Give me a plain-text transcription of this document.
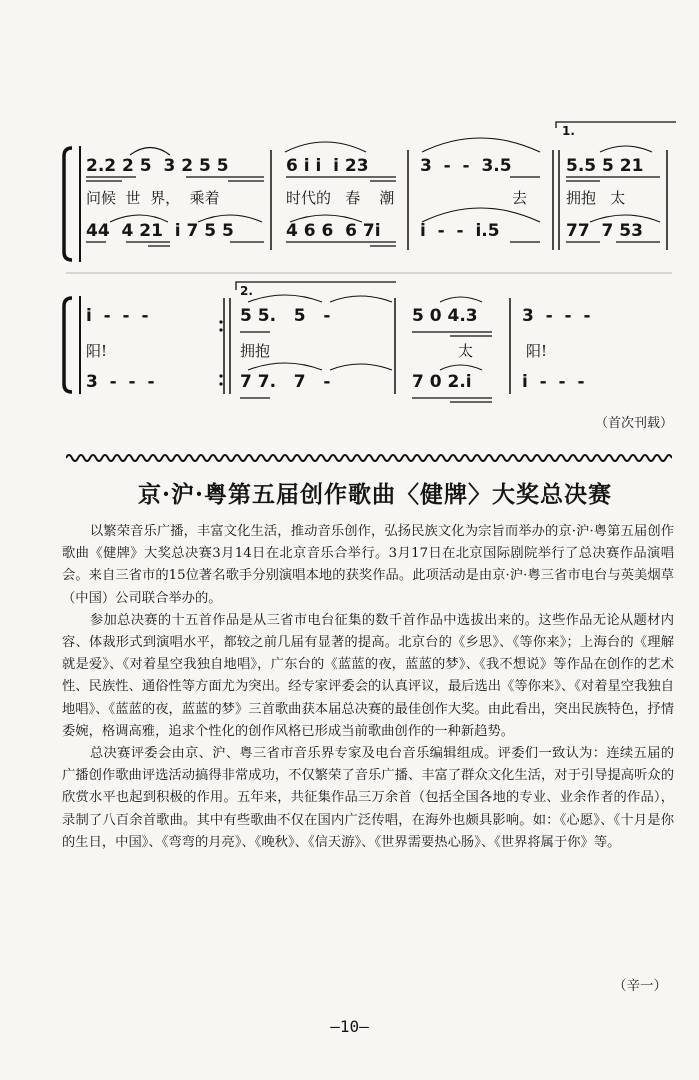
1.
2.
2.2 2 5  3 2 5 5	6 i i  i 23	3  -  -  3.5	5.5 5 21
问候  世  界，  乘着	时代的   春    潮	去	拥抱   太
44  4 21  i 7 5 5	4 6 6  6 7i i  -  -  i.5	77  7 53
i  -  -  -	5 5.   5   -	5 0 4.3	3  -  -  -
阳!	拥抱	太	阳!
3  -  -  -	7 7.   7   -	7 0 2.i	i  -  -  -
（首次刊载）
京·沪·粤第五届创作歌曲〈健牌〉大奖总决赛

以繁荣音乐广播，丰富文化生活，推动音乐创作，弘扬民族文化为宗旨而举办的京·沪·粤第五届创作歌曲《健牌》大奖总决赛3月14日在北京音乐合举行。3月17日在北京国际剧院举行了总决赛作品演唱会。来自三省市的15位著名歌手分别演唱本地的获奖作品。此项活动是由京·沪·粤三省市电台与英美烟草（中国）公司联合举办的。

参加总决赛的十五首作品是从三省市电台征集的数千首作品中选拔出来的。这些作品无论从题材内容、体裁形式到演唱水平，都较之前几届有显著的提高。北京台的《乡思》、《等你来》；上海台的《理解就是爱》、《对着星空我独自地唱》，广东台的《蓝蓝的夜，蓝蓝的梦》、《我不想说》等作品在创作的艺术性、民族性、通俗性等方面尤为突出。经专家评委会的认真评议，最后选出《等你来》、《对着星空我独自地唱》、《蓝蓝的夜，蓝蓝的梦》三首歌曲获本届总决赛的最佳创作大奖。由此看出，突出民族特色，抒情委婉，格调高雅，追求个性化的创作风格已形成当前歌曲创作的一种新趋势。

总决赛评委会由京、沪、粤三省市音乐界专家及电台音乐编辑组成。评委们一致认为：连续五届的广播创作歌曲评选活动搞得非常成功，不仅繁荣了音乐广播、丰富了群众文化生活，对于引导提高听众的欣赏水平也起到积极的作用。五年来，共征集作品三万余首（包括全国各地的专业、业余作者的作品），录制了八百余首歌曲。其中有些歌曲不仅在国内广泛传唱，在海外也颇具影响。如：《心愿》、《十月是你的生日，中国》、《弯弯的月亮》、《晚秋》、《信天游》、《世界需要热心肠》、《世界将属于你》等。

（辛一）
—10—
